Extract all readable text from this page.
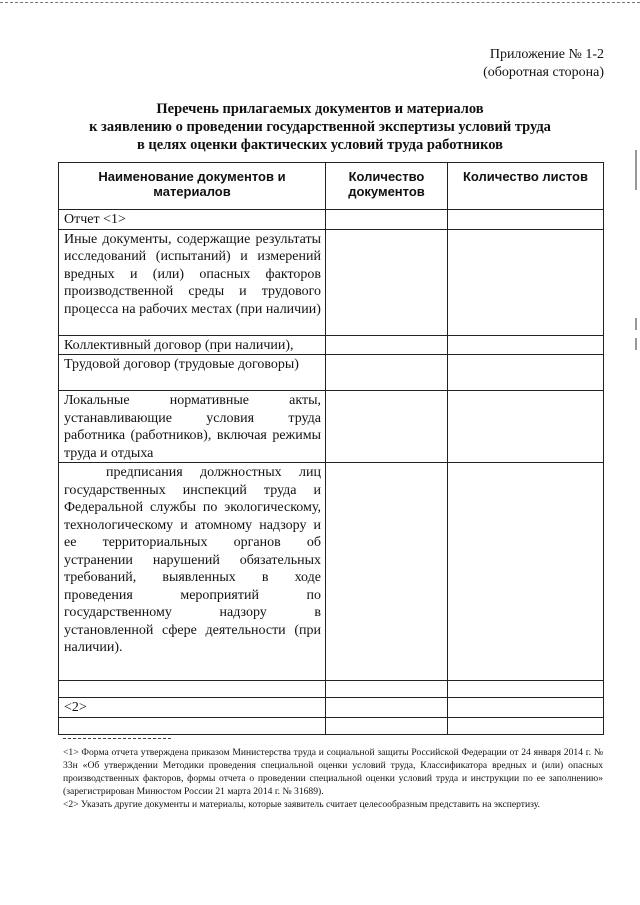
Приложение № 1-2
(оборотная сторона)
Перечень прилагаемых документов и материалов
к заявлению о проведении государственной экспертизы условий труда
в целях оценки фактических условий труда работников
Наименование документов и материалов	Количество документов	Количество листов
Отчет <1>		
Иные документы, содержащие результаты исследований (испытаний) и измерений вредных и (или) опасных факторов производственной среды и трудового процесса на рабочих местах (при наличии)		
Коллективный договор (при наличии),		
Трудовой договор (трудовые договоры)		
Локальные нормативные акты, устанавливающие условия труда работника (работников), включая режимы труда и отдыха		
предписания должностных лиц государственных инспекций труда и Федеральной службы по экологическому, технологическому и атомному надзору и ее территориальных органов об устранении нарушений обязательных требований, выявленных в ходе проведения мероприятий по государственному надзору в установленной сфере деятельности (при наличии).		

<2>		

<1> Форма отчета утверждена приказом Министерства труда и социальной защиты Российской Федерации от 24 января 2014 г. № 33н «Об утверждении Методики проведения специальной оценки условий труда, Классификатора вредных и (или) опасных производственных факторов, формы отчета о проведении специальной оценки условий труда и инструкции по ее заполнению» (зарегистрирован Минюстом России 21 марта 2014 г. № 31689).

<2> Указать другие документы и материалы, которые заявитель считает целесообразным представить на экспертизу.
